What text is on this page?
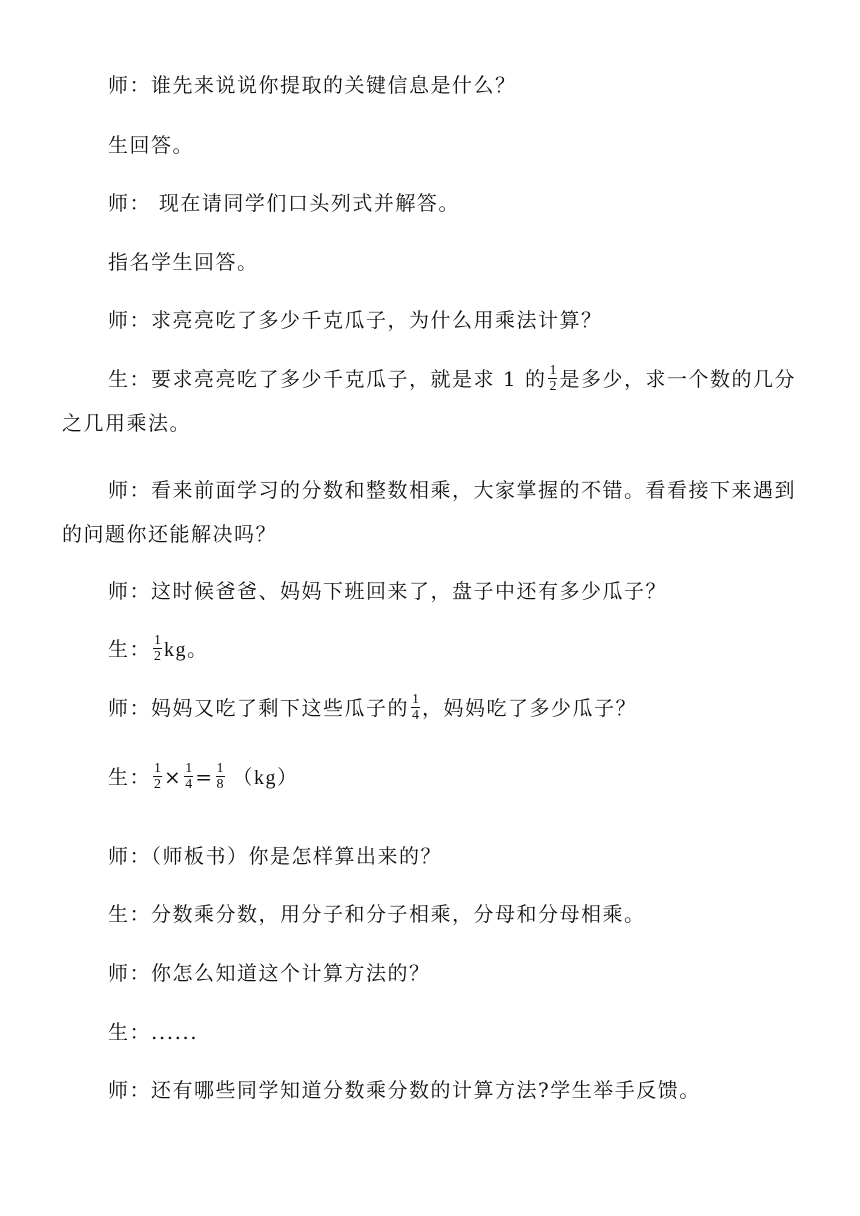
师：谁先来说说你提取的关键信息是什么？
生回答。
师： 现在请同学们口头列式并解答。
指名学生回答。
师：求亮亮吃了多少千克瓜子，为什么用乘法计算？
生：要求亮亮吃了多少千克瓜子，就是求 1 的 $\frac{1}{2}$ 是多少，求一个数的几分之几用乘法。
师：看来前面学习的分数和整数相乘，大家掌握的不错。看看接下来遇到的问题你还能解决吗？
师：这时候爸爸、妈妈下班回来了，盘子中还有多少瓜子？
生： $\frac{1}{2}$ kg。
师：妈妈又吃了剩下这些瓜子的 $\frac{1}{4}$ ，妈妈吃了多少瓜子？
生： $\frac{1}{2} \times \frac{1}{4} = \frac{1}{8} (kg)$
师：（师板书）你是怎样算出来的？
生：分数乘分数，用分子和分子相乘，分母和分母相乘。
师：你怎么知道这个计算方法的？
生：......
师：还有哪些同学知道分数乘分数的计算方法?学生举手反馈。
